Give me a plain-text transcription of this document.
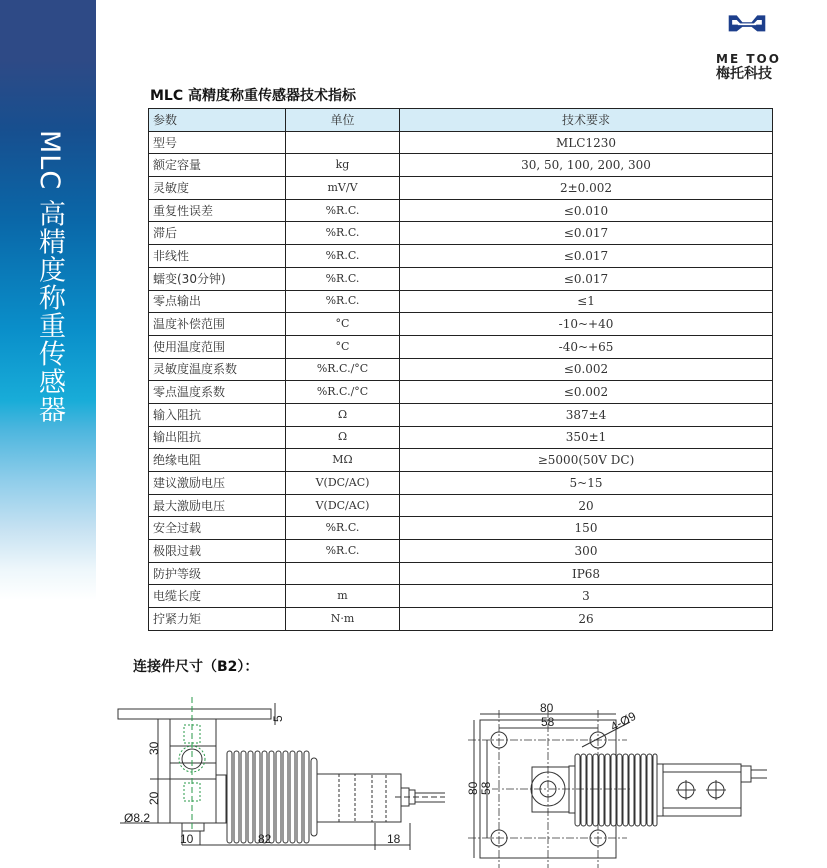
MLC 高精度称重传感器
ME TOO
梅托科技
MLC 高精度称重传感器技术指标
参数	单位	技术要求
型号		MLC1230
额定容量	kg	30, 50, 100, 200, 300
灵敏度	mV/V	2±0.002
重复性误差	%R.C.	≤0.010
滞后	%R.C.	≤0.017
非线性	%R.C.	≤0.017
蠕变(30分钟)	%R.C.	≤0.017
零点输出	%R.C.	≤1
温度补偿范围	°C	-10~+40
使用温度范围	°C	-40~+65
灵敏度温度系数	%R.C./°C	≤0.002
零点温度系数	%R.C./°C	≤0.002
输入阻抗	Ω	387±4
输出阻抗	Ω	350±1
绝缘电阻	MΩ	≥5000(50V DC)
建议激励电压	V(DC/AC)	5~15
最大激励电压	V(DC/AC)	20
安全过载	%R.C.	150
极限过载	%R.C.	300
防护等级		IP68
电缆长度	m	3
拧紧力矩	N·m	26
连接件尺寸（B2）：
5
30
20
Ø8.2
10	82	18
80
58
80 58
4-Ø9
